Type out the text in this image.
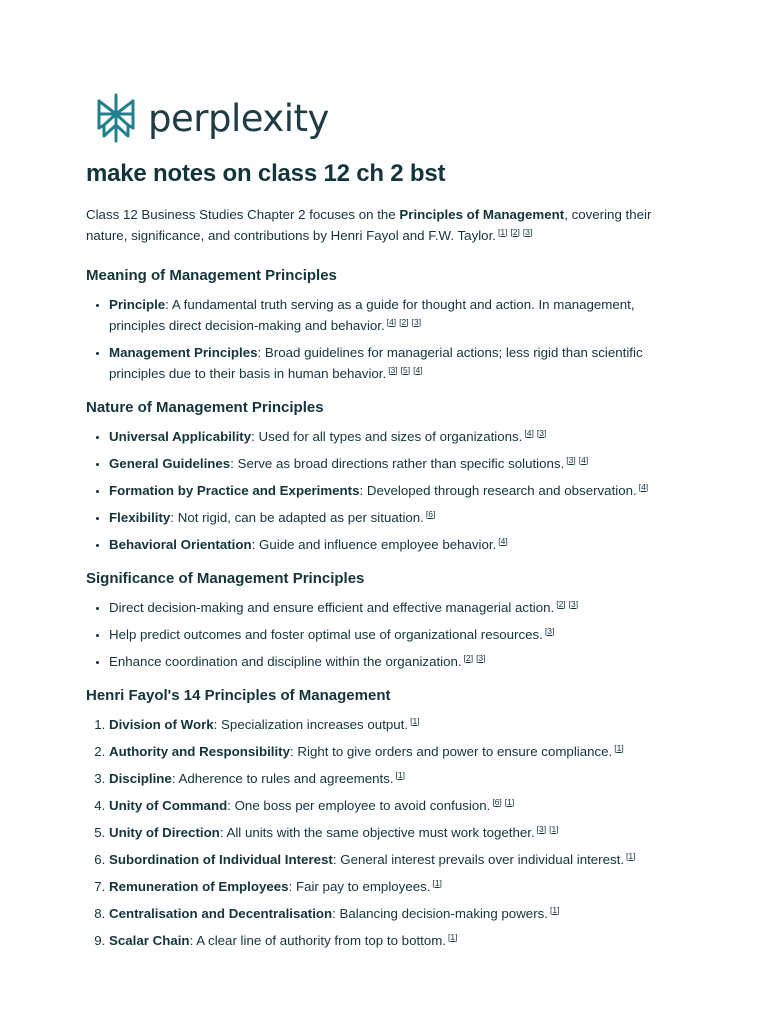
perplexity
make notes on class 12 ch 2 bst

Class 12 Business Studies Chapter 2 focuses on the Principles of Management, covering their nature, significance, and contributions by Henri Fayol and F.W. Taylor. [1] [2] [3]

Meaning of Management Principles
• Principle: A fundamental truth serving as a guide for thought and action. In management, principles direct decision-making and behavior. [4] [2] [3]
• Management Principles: Broad guidelines for managerial actions; less rigid than scientific principles due to their basis in human behavior. [3] [5] [4]
Nature of Management Principles
• Universal Applicability: Used for all types and sizes of organizations. [4] [3]
• General Guidelines: Serve as broad directions rather than specific solutions. [3] [4]
• Formation by Practice and Experiments: Developed through research and observation. [4]
• Flexibility: Not rigid, can be adapted as per situation. [6]
• Behavioral Orientation: Guide and influence employee behavior. [4]
Significance of Management Principles
• Direct decision-making and ensure efficient and effective managerial action. [2] [3]
• Help predict outcomes and foster optimal use of organizational resources. [3]
• Enhance coordination and discipline within the organization. [2] [3]
Henri Fayol's 14 Principles of Management
1. Division of Work: Specialization increases output. [1]
2. Authority and Responsibility: Right to give orders and power to ensure compliance. [1]
3. Discipline: Adherence to rules and agreements. [1]
4. Unity of Command: One boss per employee to avoid confusion. [6] [1]
5. Unity of Direction: All units with the same objective must work together. [3] [1]
6. Subordination of Individual Interest: General interest prevails over individual interest. [1]
7. Remuneration of Employees: Fair pay to employees. [1]
8. Centralisation and Decentralisation: Balancing decision-making powers. [1]
9. Scalar Chain: A clear line of authority from top to bottom. [1]
